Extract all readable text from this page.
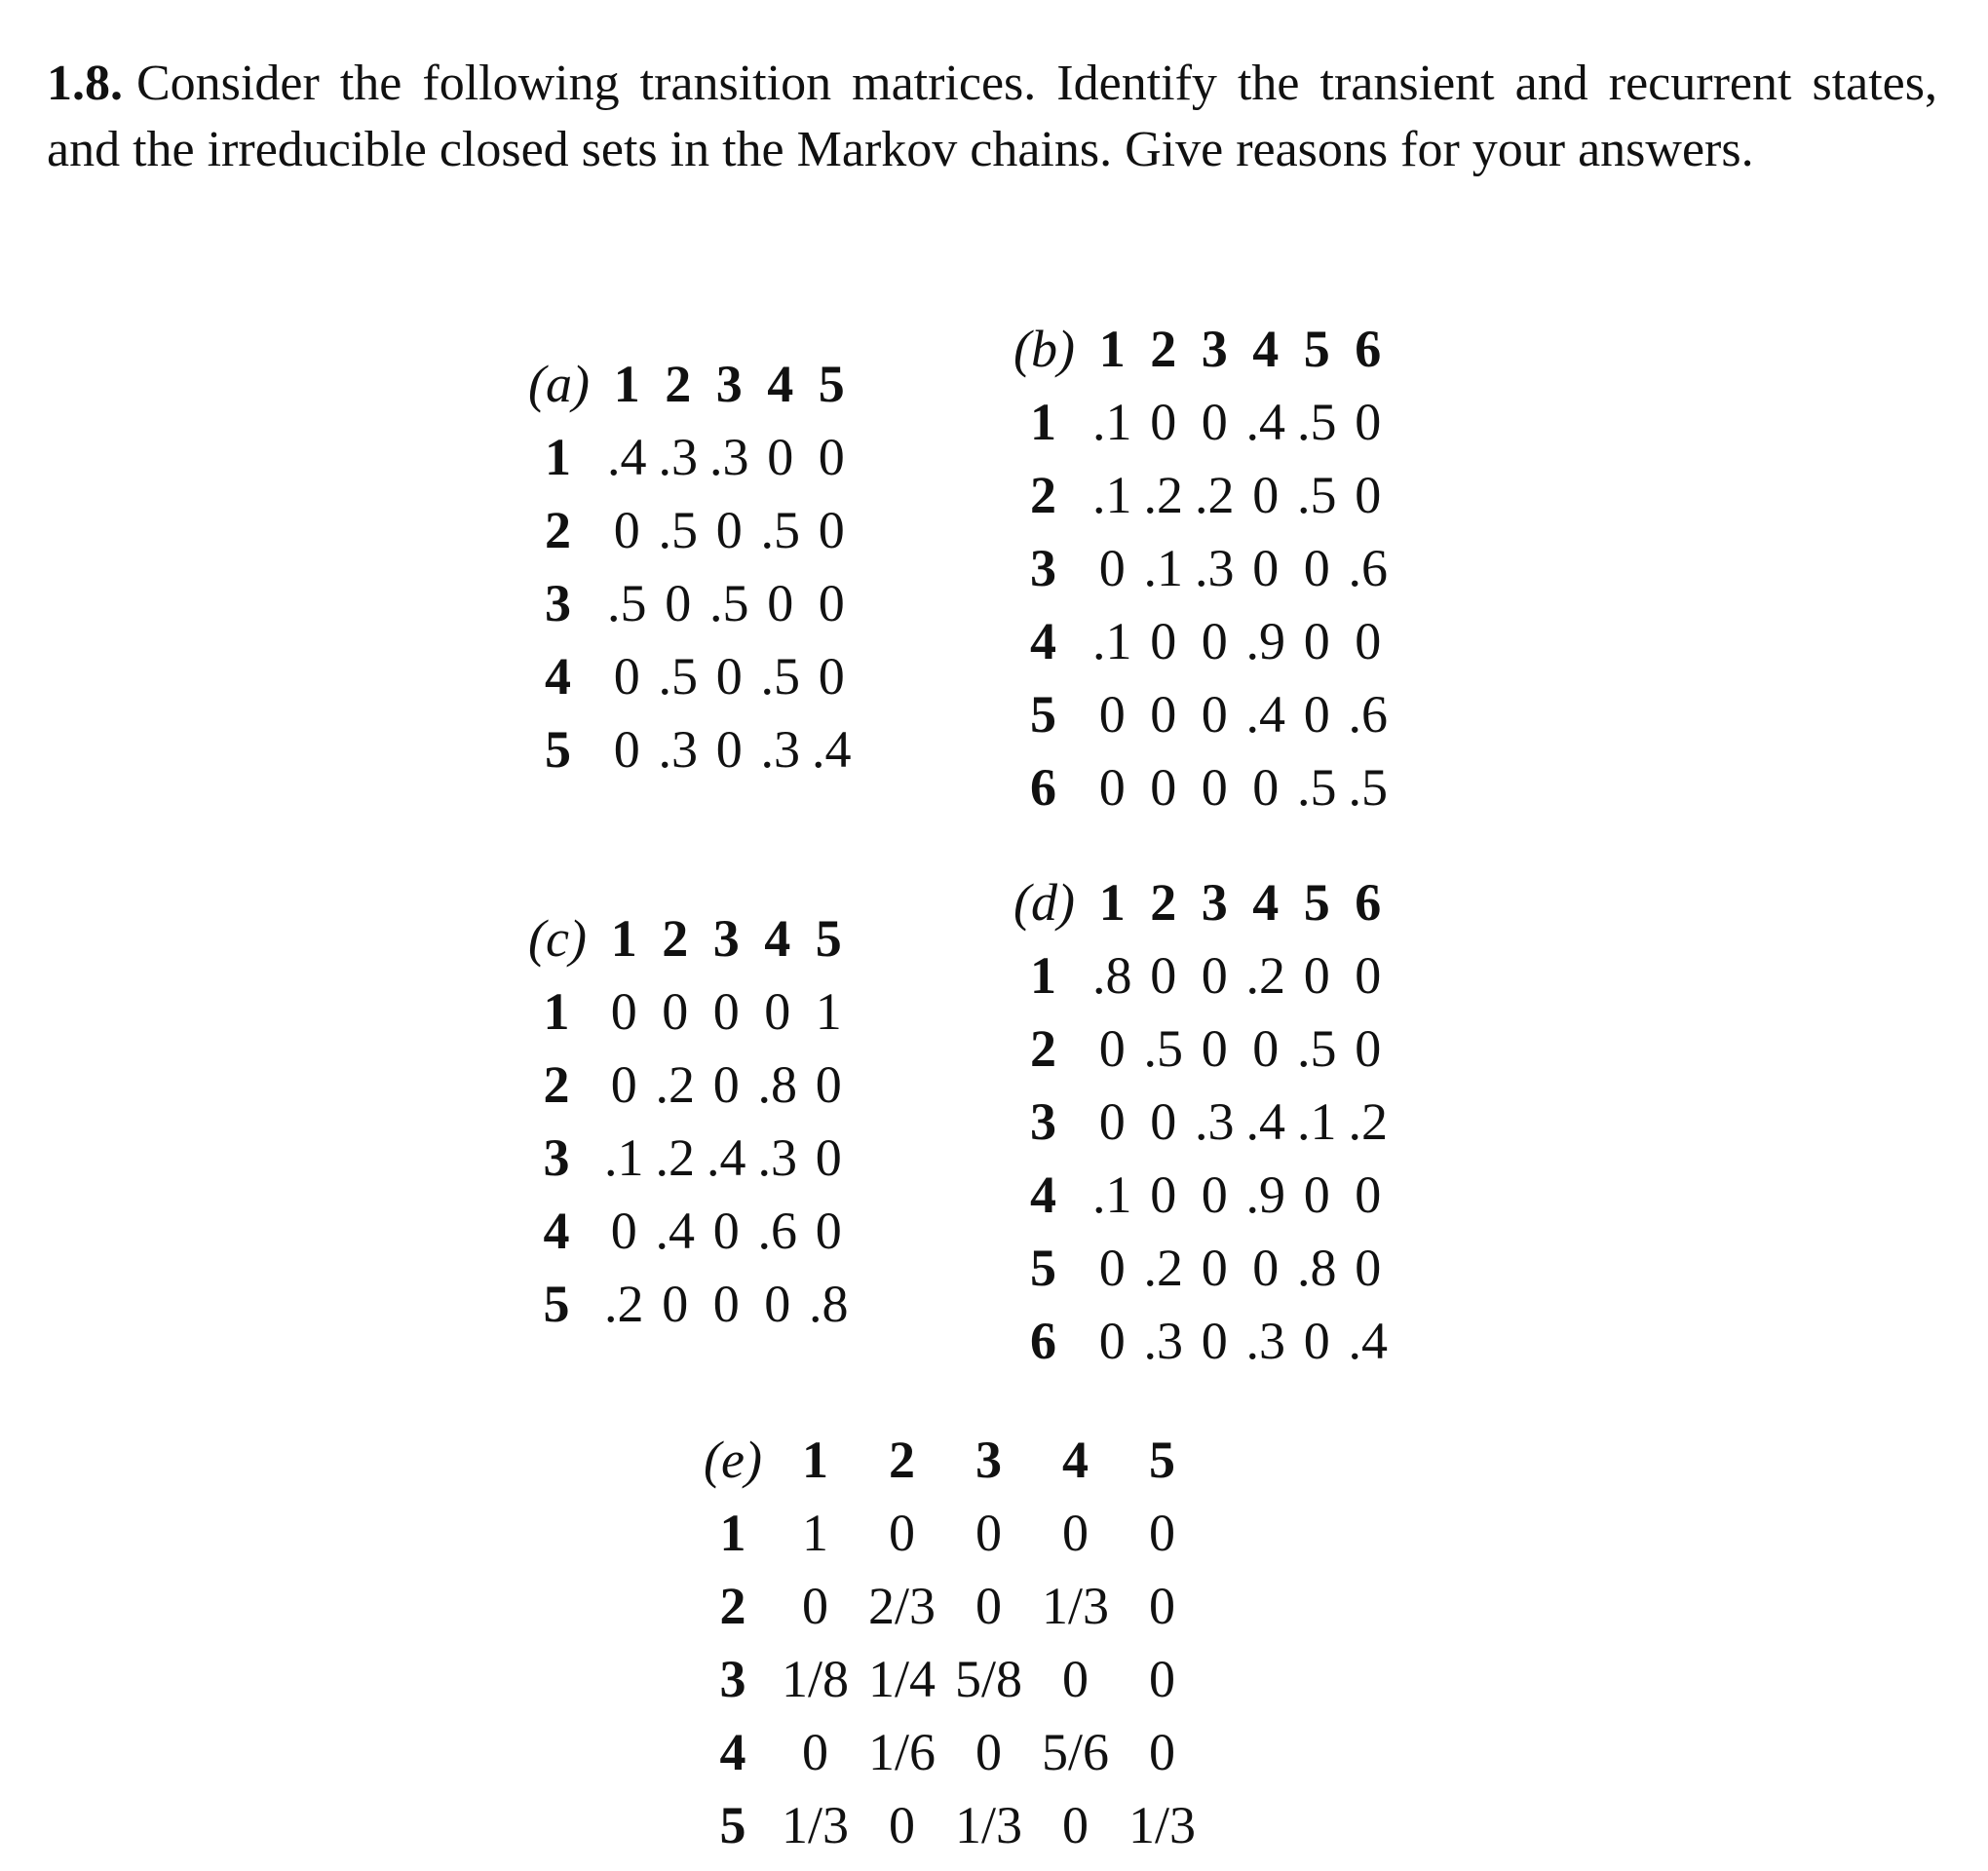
1.8. Consider the following transition matrices. Identify the transient and recurrent states, and the irreducible closed sets in the Markov chains. Give reasons for your answers.
(a)	1	2	3	4	5
1	.4	.3	.3	0	0
2	0	.5	0	.5	0
3	.5	0	.5	0	0
4	0	.5	0	.5	0
5	0	.3	0	.3	.4
(b)	1	2	3	4	5	6
1	.1	0	0	.4	.5	0
2	.1	.2	.2	0	.5	0
3	0	.1	.3	0	0	.6
4	.1	0	0	.9	0	0
5	0	0	0	.4	0	.6
6	0	0	0	0	.5	.5
(c)	1	2	3	4	5
1	0	0	0	0	1
2	0	.2	0	.8	0
3	.1	.2	.4	.3	0
4	0	.4	0	.6	0
5	.2	0	0	0	.8
(d)	1	2	3	4	5	6
1	.8	0	0	.2	0	0
2	0	.5	0	0	.5	0
3	0	0	.3	.4	.1	.2
4	.1	0	0	.9	0	0
5	0	.2	0	0	.8	0
6	0	.3	0	.3	0	.4
(e)	1	2	3	4	5
1	1	0	0	0	0
2	0	2/3	0	1/3	0
3	1/8	1/4	5/8	0	0
4	0	1/6	0	5/6	0
5	1/3	0	1/3	0	1/3
